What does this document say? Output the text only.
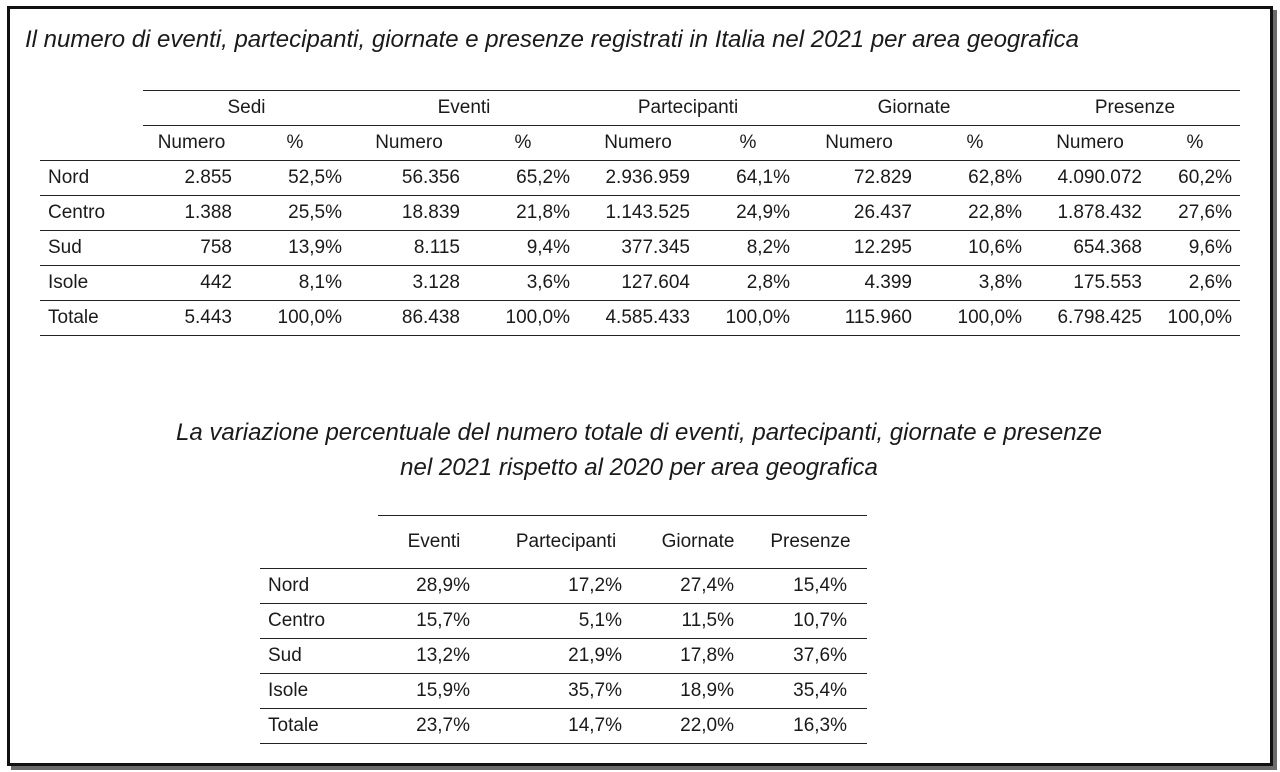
Il numero di eventi, partecipanti, giornate e presenze registrati in Italia nel 2021 per area geografica
	Sedi		Eventi		Partecipanti		Giornate		Presenze	
	Numero	%	Numero	%	Numero	%	Numero	%	Numero	%
Nord	2.855	52,5%	56.356	65,2%	2.936.959	64,1%	72.829	62,8%	4.090.072	60,2%
Centro	1.388	25,5%	18.839	21,8%	1.143.525	24,9%	26.437	22,8%	1.878.432	27,6%
Sud	758	13,9%	8.115	9,4%	377.345	8,2%	12.295	10,6%	654.368	9,6%
Isole	442	8,1%	3.128	3,6%	127.604	2,8%	4.399	3,8%	175.553	2,6%
Totale	5.443	100,0%	86.438	100,0%	4.585.433	100,0%	115.960	100,0%	6.798.425	100,0%
La variazione percentuale del numero totale di eventi, partecipanti, giornate e presenze
nel 2021 rispetto al 2020 per area geografica
	Eventi	Partecipanti	Giornate	Presenze
Nord	28,9%	17,2%	27,4%	15,4%
Centro	15,7%	5,1%	11,5%	10,7%
Sud	13,2%	21,9%	17,8%	37,6%
Isole	15,9%	35,7%	18,9%	35,4%
Totale	23,7%	14,7%	22,0%	16,3%
